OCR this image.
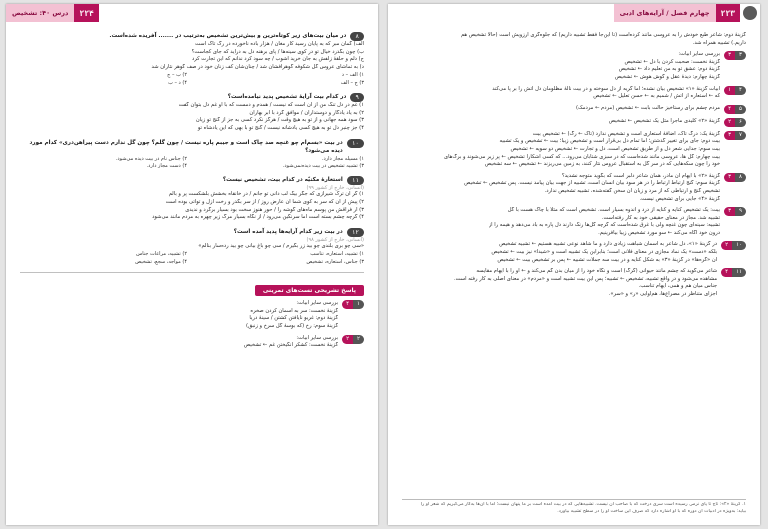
۲۲۴
درس ۴۰: تشخیص
۸
در میان بیت‌های زیر کوتاه‌ترین و بیش‌ترین تشخیص به‌ترتیب در ....... آفریده شده‌است.
الف) گمان مبر که به پایان رسید کار مغان / هزار باده ناخورده در رگ تاک است
ب) چون بگذرد خیال تو در کوی سینه‌ها / پای برهنه دل به درآید که جای کجاست؟
ج) دلم و حلقهٔ زلفش به جان خرید آشوب / چه سود کرد ندانم که این تجارت کرد
د) به تماشای عروس گل شکوفه گوهرافشان شد / چنان‌شان کف زنان خود در صف گوهر نثاران شد
۱) الف – د
۲) ب – ج
۳) ج – الف
۴) د – ب
۹
در کدام بیت آرایهٔ تشخیص پدید نیامده‌است؟
۱) غم در دل تنگ من از آن است که نیست / همدم و دمست که با او غم دل بتوان گفت
۲) به یاد یادگار و دوستداران / موافق گرد با ابر بهاران
۳) سود همه جهانی و از تو به هیچ وقت / هرگز نکرد کسی به جز از گنج تو زیان
۴) جز چنبر دل تو به هیچ کسی یادشانه نیست / گنج تو با بهی که این یادشاه تو
۱۰
در بیت «بسم‌ام چو غنچه صد چاک است و جیبم پاره نیست / چون گلم؟ چون گل ندارم دست پیراهن‌دری» کدام مورد دیده می‌شود؟
۱) مسیله مجاز دارد.
۲) جناس نام در بیت دیده می‌شود.
۳) تشبیه تشخیص در بیت دیده‌نمی‌شود.
۴) دست مجاز دارد.
۱۱
استعارهٔ مکنیّه در کدام بیت، تشخیص نیست؟
(انسانی، خارج از کشور ۹۹)
۱) گر آن ترک شیرازی که جگر بیگ لب دانی تو جانم / در خانقاه بخشش بلشکست پر و بالم
۲) پیش از آن که سر به کوی شما آن عارض روز / از سر بگذر و رخت ازل و تواتی بوده است
۳) ار فراقش من پوسم ماه‌های گوشه را / حور هنوز سخت بود بسیار برگرد و ندیدی
۴) گرچه چشم بسته است اما سرنگین می‌رود / از نگاه بسیار مرگ زیر چهره به مردم مانند می‌شود
۱۲
در بیت زیر کدام آرایه‌ها پدید آمده است؟
(انسانی، خارج از کشور ۹۸)
«سی چو بری بلندی چو بید زر بگیرم / سی چو باغ بیانی چو بید رده‌سار بنالم»
۱) تشبیه، استعاره، تناسب
۲) تشبیه، مراعات جناس
۳) جناس، استعاره، تشخیص
۴) مواجه، سجع، تشخیص
پاسخ تشریحی تست‌های تمرینی
۱
۴
بررسی سایر ابیات:
گزینهٔ نخست: سر به آسمان کردن صخره
گزینهٔ دوم: غریو نایافتن کشتن / سینهٔ دریا
گزینهٔ سوم: رخ (که بوسهٔ گل سرخ و زنبق)
۲
۲
بررسی سایر ابیات:
گزینهٔ نخست: کشکر انگیختن غم ← تشخیص
۲۲۳
چهارم فصل / آرایه‌های ادبی
گزینهٔ دوم: شاعر طبع خودش را به عروسی مانند کرده‌است (تا این‌جا فقط تشبیه داریم) که جلوه‌گری آرزویش است (حالا تشخیص هم
داریم.) تشبیه همراه شد.
۳
۳
بررسی سایر ابیات:
گزینهٔ نخست: صحبت کردن با دل ← تشخیص
گزینهٔ دوم: عشق تو به من تعلیم داد ← تشخیص
گزینهٔ چهارم: دیدهٔ عقل و گوش هوش ← تشخیص
۴
۱
ابیات گزینهٔ «۱» تشخیص بیان نشده؛ اما گریه از دل سوخته و در بیت نالهٔ مظلومان دل آتش را بر پا می‌کند
که ← استعاره از آتش / شمیم به ← حسن تعلیل ← تشخیص
۵
۴
مردم چشم برای رستاخیز حالت بابت ← تشخیص (مردم ← مردمک)
۶
۲
گزینهٔ «۲» کلیدی ماجرا مثل یک تشخیص ← تشخیص
۷
۳
گزینهٔ یک: درگ تاک، اضافهٔ استعاری است و تشخیص ندارد (تاک ← رگ) ← تشخیص بیت
بیت دوم: جای برای تغییر گذشتن؛ اما تمام دل بی‌قرار است و تشخیص زیبا؛ بیت ← تشخیص و یک تشبیه
بیت سوم: جدایی شعر دل و از طریق تشخیص است، دل و تجارت ← تشخیص دو سویه ← تشخیص
بیت چهارم: گل ها، عروسی مانند شده‌است که در سبزی شتابان می‌رود... که کسی آشکارا تشخیص ← پر زیر می‌شوند و برگ‌های
خود را چون سکه‌هایی که در سر گل به استقبال عروس نثار کنند، به زمین می‌ریزند ← تشخیص ← سه تشخیص
۸
۳
گزینهٔ «۲» با ایهام آن مادر، همان شاعر دلبر است که بگوید متوجه نشدید؟
گزینهٔ سوم: گنج ارتباط ارتباط را در هر سود بیان انسان است، تشبیه از جهت بیان پیامد نیست. پس تشخیص ← تشخیص
تشخیص گنج و ارتباطی که از مرد و زیان آن سخن گفته‌شده، تشبیه تشخیص ندارد.
گزینهٔ «۴» جایی برای تشخیص نیست.
۹
۳
بیت: یک تشخیص کنایه و کنایه از درد و اندوه بسیار است. تشخیص است که مثلا با چاک هست با گل
تشبیه شد. مجاز در معنای حقیقی خود به کار رفته‌است.
تشبیه: سینه‌ای چون غنچه ولی با غرق شده‌است که گرچه گل‌ها رنگ دارند دل پاره به باد می‌دهد و هیمه را از
درون خود آگاه می‌کند ← سو مورد تشخیص زیبا بیافرینیم.
۱۰
۲
در گزینهٔ «۱»، دل شاعر به آسمان شباهت زیادی دارد و ما شاهد نوعی تشبیه هستیم ← تشبیه تشخیص
بلکه «دست» یک نماد مجازی در معنای فلانی است؛ بنابراین یک تشبیه است و «شیدا» نیز بیت ← تشخیص
آن «گره‌ها» در گزینهٔ «۳» به شکل کنایه و در بیت سه جملات تشبیه ← پس بر تشخیص بیت ← تشخیص
۱۱
۴
شاعر می‌گوید که چشم مانند حیوانی (گرگ) است و نگاه خود را از میان بدن گم می‌کند و ← او را با ایهام مقایسه
مشاهده می‌شود و در واقع تشبیه، تشخیص ← تشبیه؛ پس این بیت تشبیه است و «مردم» در معنای اصلی به کار رفته است.
جناس میان هم و همی، ایهام تناسب.
اجزای متناظر در مصراع‌ها، هم‌آوایی «ر» و «سر».
۱. گزینهٔ «۲»: تاج تا پای نرمی رسیده است سری درخت که با صاحب آن نیست. تشبیه‌هایی که در بیت آمده است بر ما پنهان نیست؛ ‌اما با آن‌ها به‌کار می‌گیریم که شعر او را
بیاید: به‌ویژه در ادبیات آن دوره که با او اشاره دارد که صرف این ساخت او را در سطح تشبیه بیاورد.
